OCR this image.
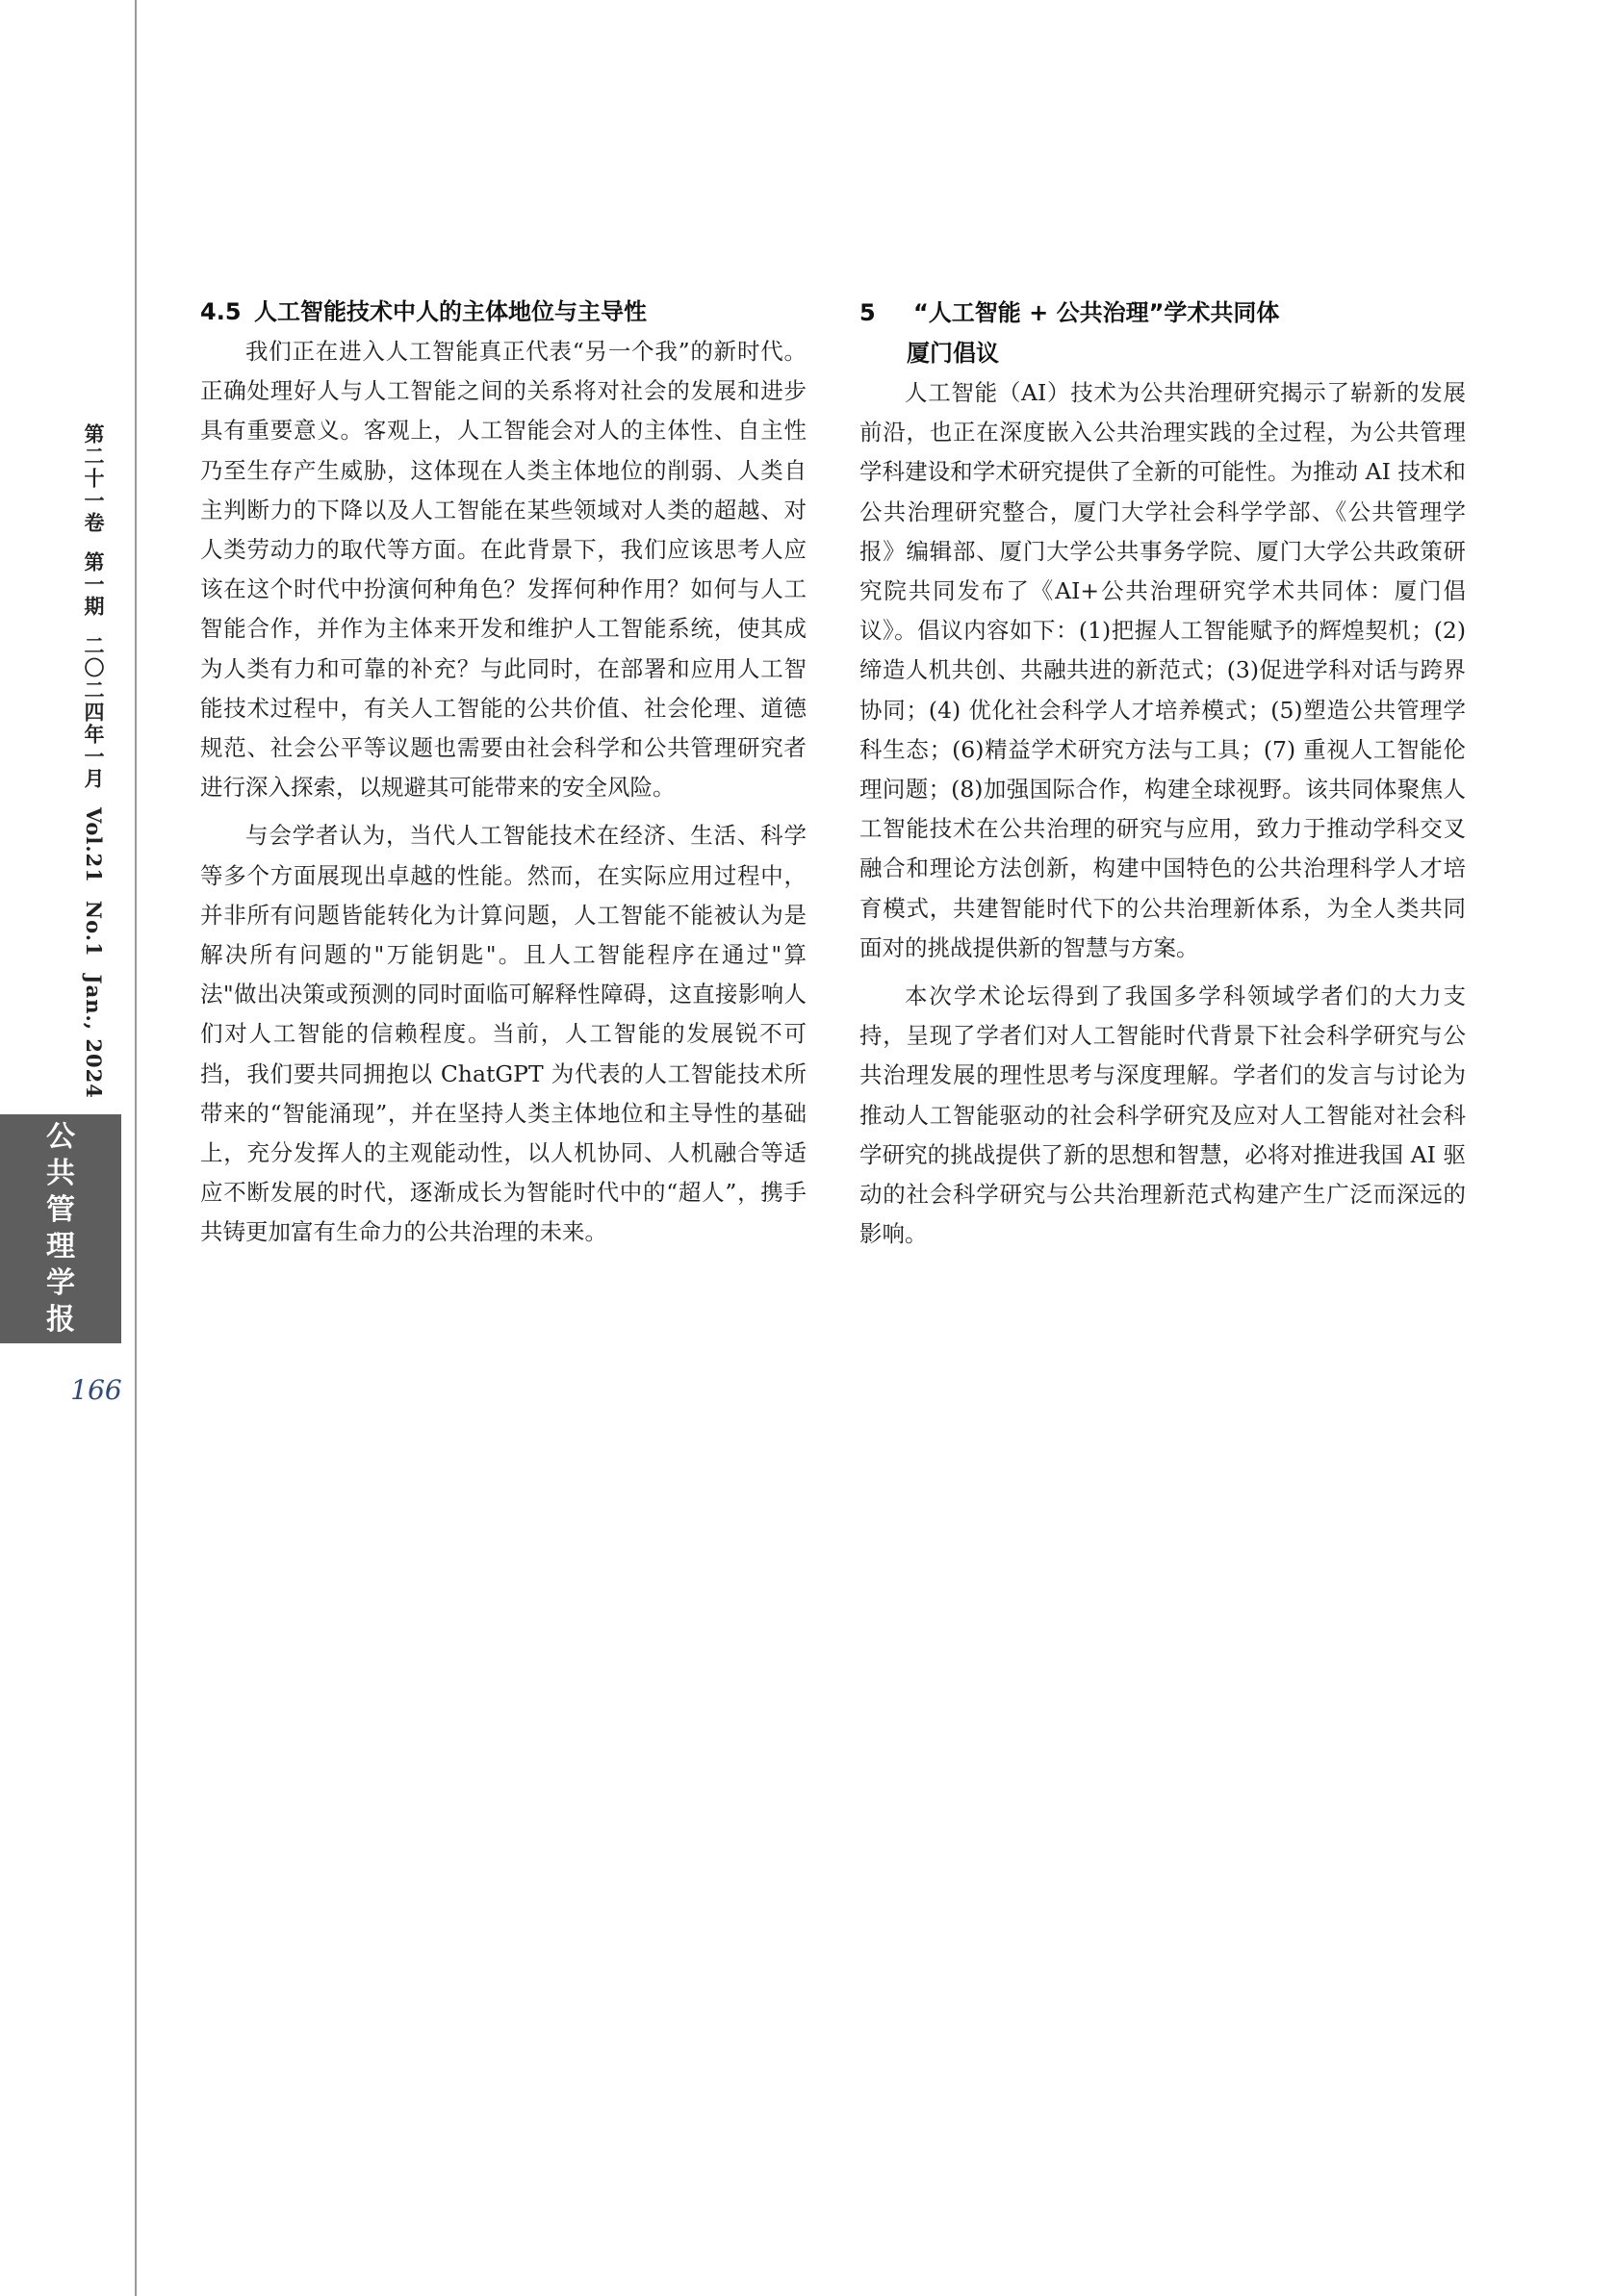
第二十一卷第一期二〇二四年一月Vol.21No.1Jan., 2024
公
共
管
理
学
报
166
4.5 人工智能技术中人的主体地位与主导性

我们正在进入人工智能真正代表“另一个我”的新时代。正确处理好人与人工智能之间的关系将对社会的发展和进步具有重要意义。客观上，人工智能会对人的主体性、自主性乃至生存产生威胁，这体现在人类主体地位的削弱、人类自主判断力的下降以及人工智能在某些领域对人类的超越、对人类劳动力的取代等方面。在此背景下，我们应该思考人应该在这个时代中扮演何种角色？发挥何种作用？如何与人工智能合作，并作为主体来开发和维护人工智能系统，使其成为人类有力和可靠的补充？与此同时，在部署和应用人工智能技术过程中，有关人工智能的公共价值、社会伦理、道德规范、社会公平等议题也需要由社会科学和公共管理研究者进行深入探索，以规避其可能带来的安全风险。

与会学者认为，当代人工智能技术在经济、生活、科学等多个方面展现出卓越的性能。然而，在实际应用过程中，并非所有问题皆能转化为计算问题，人工智能不能被认为是解决所有问题的"万能钥匙"。且人工智能程序在通过"算法"做出决策或预测的同时面临可解释性障碍，这直接影响人们对人工智能的信赖程度。当前，人工智能的发展锐不可挡，我们要共同拥抱以 ChatGPT 为代表的人工智能技术所带来的“智能涌现”，并在坚持人类主体地位和主导性的基础上，充分发挥人的主观能动性，以人机协同、人机融合等适应不断发展的时代，逐渐成长为智能时代中的“超人”，携手共铸更加富有生命力的公共治理的未来。

5 “人工智能 + 公共治理”学术共同体
厦门倡议

人工智能（AI）技术为公共治理研究揭示了崭新的发展前沿，也正在深度嵌入公共治理实践的全过程，为公共管理学科建设和学术研究提供了全新的可能性。为推动 AI 技术和公共治理研究整合，厦门大学社会科学学部、《公共管理学报》编辑部、厦门大学公共事务学院、厦门大学公共政策研究院共同发布了《AI+公共治理研究学术共同体：厦门倡议》。倡议内容如下：(1)把握人工智能赋予的辉煌契机；(2)缔造人机共创、共融共进的新范式；(3)促进学科对话与跨界协同；(4) 优化社会科学人才培养模式；(5)塑造公共管理学科生态；(6)精益学术研究方法与工具；(7) 重视人工智能伦理问题；(8)加强国际合作，构建全球视野。该共同体聚焦人工智能技术在公共治理的研究与应用，致力于推动学科交叉融合和理论方法创新，构建中国特色的公共治理科学人才培育模式，共建智能时代下的公共治理新体系，为全人类共同面对的挑战提供新的智慧与方案。

本次学术论坛得到了我国多学科领域学者们的大力支持，呈现了学者们对人工智能时代背景下社会科学研究与公共治理发展的理性思考与深度理解。学者们的发言与讨论为推动人工智能驱动的社会科学研究及应对人工智能对社会科学研究的挑战提供了新的思想和智慧，必将对推进我国 AI 驱动的社会科学研究与公共治理新范式构建产生广泛而深远的影响。
